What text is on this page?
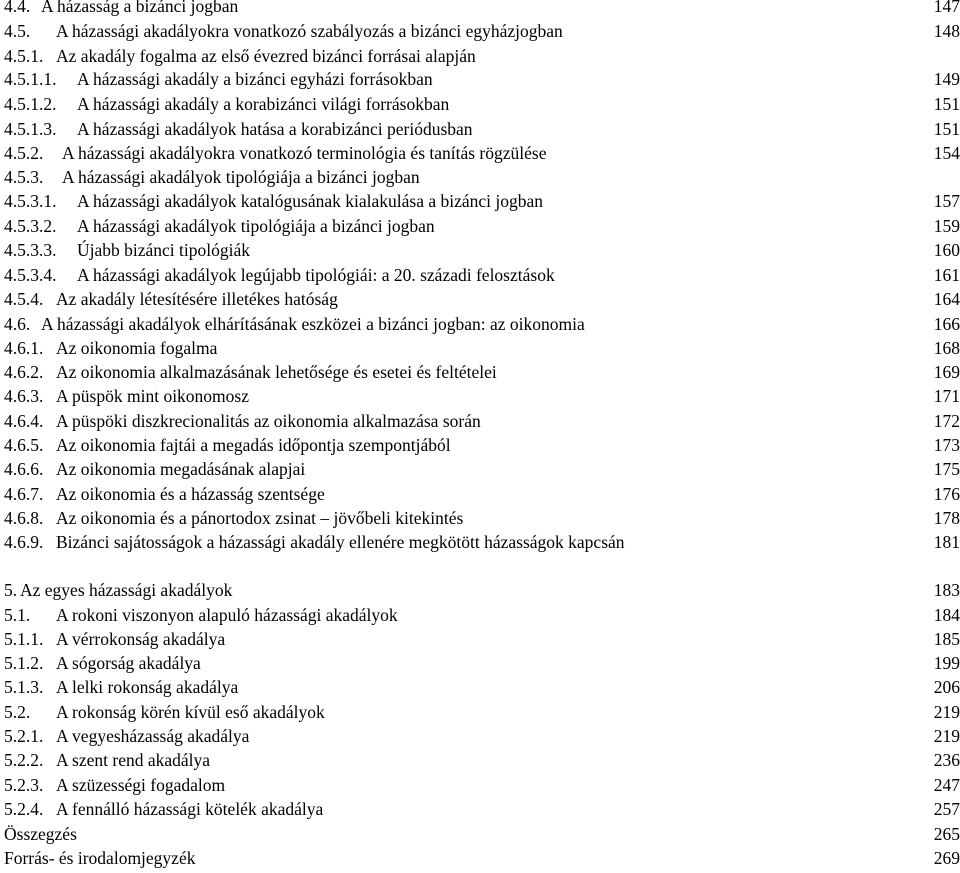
4.4. A házasság a bizánci jogban	147
4.5. A házassági akadályokra vonatkozó szabályozás a bizánci egyházjogban	148
4.5.1. Az akadály fogalma az első évezred bizánci forrásai alapján
4.5.1.1. A házassági akadály a bizánci egyházi forrásokban	149
4.5.1.2. A házassági akadály a korabizánci világi forrásokban	151
4.5.1.3. A házassági akadályok hatása a korabizánci periódusban	151
4.5.2. A házassági akadályokra vonatkozó terminológia és tanítás rögzülése	154
4.5.3. A házassági akadályok tipológiája a bizánci jogban
4.5.3.1. A házassági akadályok katalógusának kialakulása a bizánci jogban	157
4.5.3.2. A házassági akadályok tipológiája a bizánci jogban	159
4.5.3.3. Újabb bizánci tipológiák	160
4.5.3.4. A házassági akadályok legújabb tipológiái: a 20. századi felosztások	161
4.5.4. Az akadály létesítésére illetékes hatóság	164
4.6. A házassági akadályok elhárításának eszközei a bizánci jogban: az oikonomia	166
4.6.1. Az oikonomia fogalma	168
4.6.2. Az oikonomia alkalmazásának lehetősége és esetei és feltételei	169
4.6.3. A püspök mint oikonomosz	171
4.6.4. A püspöki diszkrecionalitás az oikonomia alkalmazása során	172
4.6.5. Az oikonomia fajtái a megadás időpontja szempontjából	173
4.6.6. Az oikonomia megadásának alapjai	175
4.6.7. Az oikonomia és a házasság szentsége	176
4.6.8. Az oikonomia és a pánortodox zsinat – jövőbeli kitekintés	178
4.6.9. Bizánci sajátosságok a házassági akadály ellenére megkötött házasságok kapcsán	181
5. Az egyes házassági akadályok	183
5.1. A rokoni viszonyon alapuló házassági akadályok	184
5.1.1. A vérrokonság akadálya	185
5.1.2. A sógorság akadálya	199
5.1.3. A lelki rokonság akadálya	206
5.2. A rokonság körén kívül eső akadályok	219
5.2.1. A vegyesházasság akadálya	219
5.2.2. A szent rend akadálya	236
5.2.3. A szüzességi fogadalom	247
5.2.4. A fennálló házassági kötelék akadálya	257
Összegzés	265
Forrás- és irodalomjegyzék	269
